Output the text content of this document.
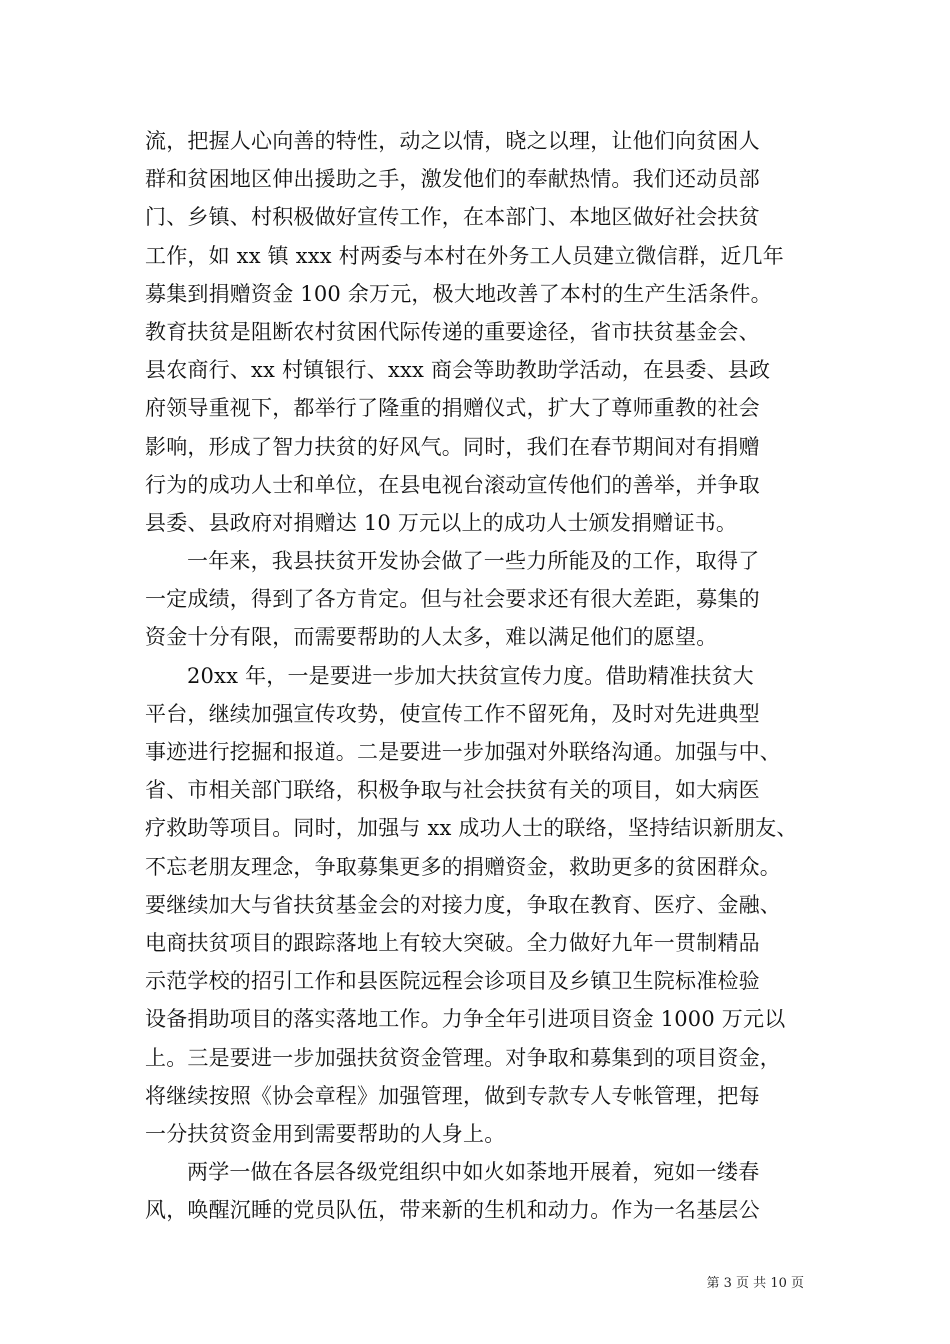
流，把握人心向善的特性，动之以情，晓之以理，让他们向贫困人
群和贫困地区伸出援助之手，激发他们的奉献热情。我们还动员部
门、乡镇、村积极做好宣传工作，在本部门、本地区做好社会扶贫
工作，如 xx 镇 xxx 村两委与本村在外务工人员建立微信群，近几年
募集到捐赠资金 100 余万元，极大地改善了本村的生产生活条件。
教育扶贫是阻断农村贫困代际传递的重要途径，省市扶贫基金会、
县农商行、xx 村镇银行、xxx 商会等助教助学活动，在县委、县政
府领导重视下，都举行了隆重的捐赠仪式，扩大了尊师重教的社会
影响，形成了智力扶贫的好风气。同时，我们在春节期间对有捐赠
行为的成功人士和单位，在县电视台滚动宣传他们的善举，并争取
县委、县政府对捐赠达 10 万元以上的成功人士颁发捐赠证书。
一年来，我县扶贫开发协会做了一些力所能及的工作，取得了
一定成绩，得到了各方肯定。但与社会要求还有很大差距，募集的
资金十分有限，而需要帮助的人太多，难以满足他们的愿望。
20xx 年，一是要进一步加大扶贫宣传力度。借助精准扶贫大
平台，继续加强宣传攻势，使宣传工作不留死角，及时对先进典型
事迹进行挖掘和报道。二是要进一步加强对外联络沟通。加强与中、
省、市相关部门联络，积极争取与社会扶贫有关的项目，如大病医
疗救助等项目。同时，加强与 xx 成功人士的联络，坚持结识新朋友、
不忘老朋友理念，争取募集更多的捐赠资金，救助更多的贫困群众。
要继续加大与省扶贫基金会的对接力度，争取在教育、医疗、金融、
电商扶贫项目的跟踪落地上有较大突破。全力做好九年一贯制精品
示范学校的招引工作和县医院远程会诊项目及乡镇卫生院标准检验
设备捐助项目的落实落地工作。力争全年引进项目资金 1000 万元以
上。三是要进一步加强扶贫资金管理。对争取和募集到的项目资金，
将继续按照《协会章程》加强管理，做到专款专人专帐管理，把每
一分扶贫资金用到需要帮助的人身上。
两学一做在各层各级党组织中如火如荼地开展着，宛如一缕春
风，唤醒沉睡的党员队伍，带来新的生机和动力。作为一名基层公
第 3 页 共 10 页
